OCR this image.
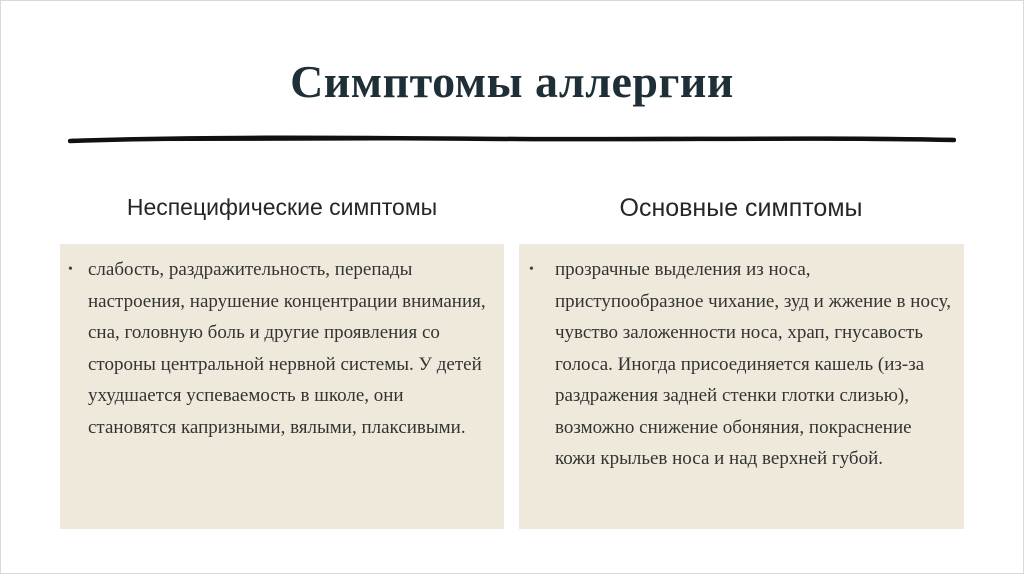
Симптомы аллергии
Неспецифические симптомы	Основные симптомы
• слабость, раздражительность, перепады настроения, нарушение концентрации внимания, сна, головную боль и другие проявления со стороны центральной нервной системы. У детей ухудшается успеваемость в школе, они становятся капризными, вялыми, плаксивыми.
• прозрачные выделения из носа, приступообразное чихание, зуд и жжение в носу, чувство заложенности носа, храп, гнусавость голоса. Иногда присоединяется кашель (из-за раздражения задней стенки глотки слизью), возможно снижение обоняния, покраснение кожи крыльев носа и над верхней губой.
